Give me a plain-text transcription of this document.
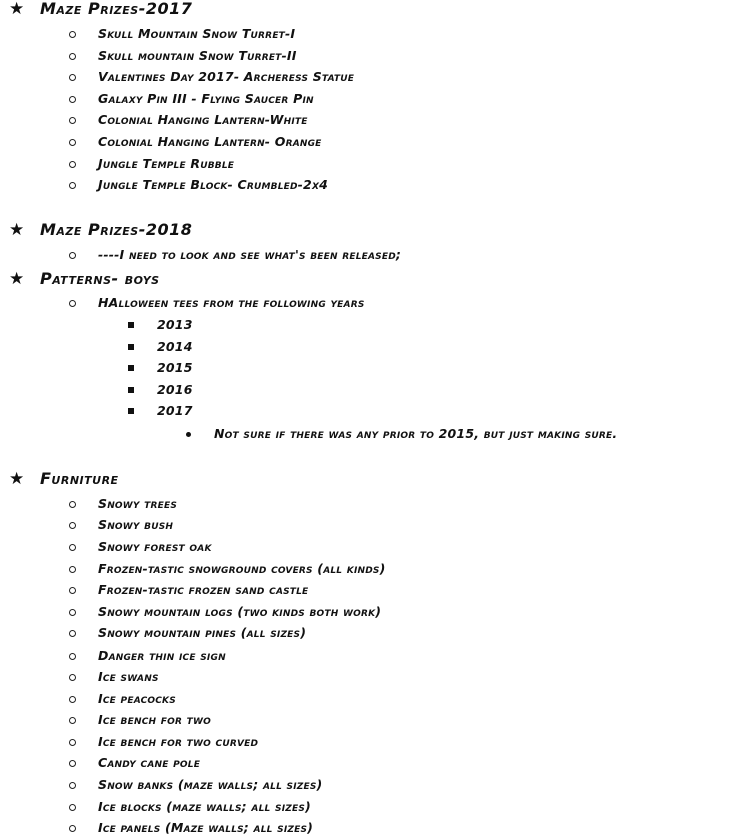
★ Maze Prizes-2017
Skull Mountain Snow Turret-I
Skull mountain Snow Turret-II
Valentines Day 2017- Archeress Statue
Galaxy Pin III - Flying Saucer Pin
Colonial Hanging Lantern-White
Colonial Hanging Lantern- Orange
Jungle Temple Rubble
Jungle Temple Block- Crumbled-2x4
★ Maze Prizes-2018
----I need to look and see what's been released;
★ Patterns- boys
HAlloween tees from the following years
2013
2014
2015
2016
2017
Not sure if there was any prior to 2015, but just making sure.
★ Furniture
Snowy trees
Snowy bush
Snowy forest oak
Frozen-tastic snowground covers (all kinds)
Frozen-tastic frozen sand castle
Snowy mountain logs (two kinds both work)
Snowy mountain pines (all sizes)
Danger thin ice sign
Ice swans
Ice peacocks
Ice bench for two
Ice bench for two curved
Candy cane pole
Snow banks (maze walls; all sizes)
Ice blocks (maze walls; all sizes)
Ice panels (Maze walls; all sizes)
